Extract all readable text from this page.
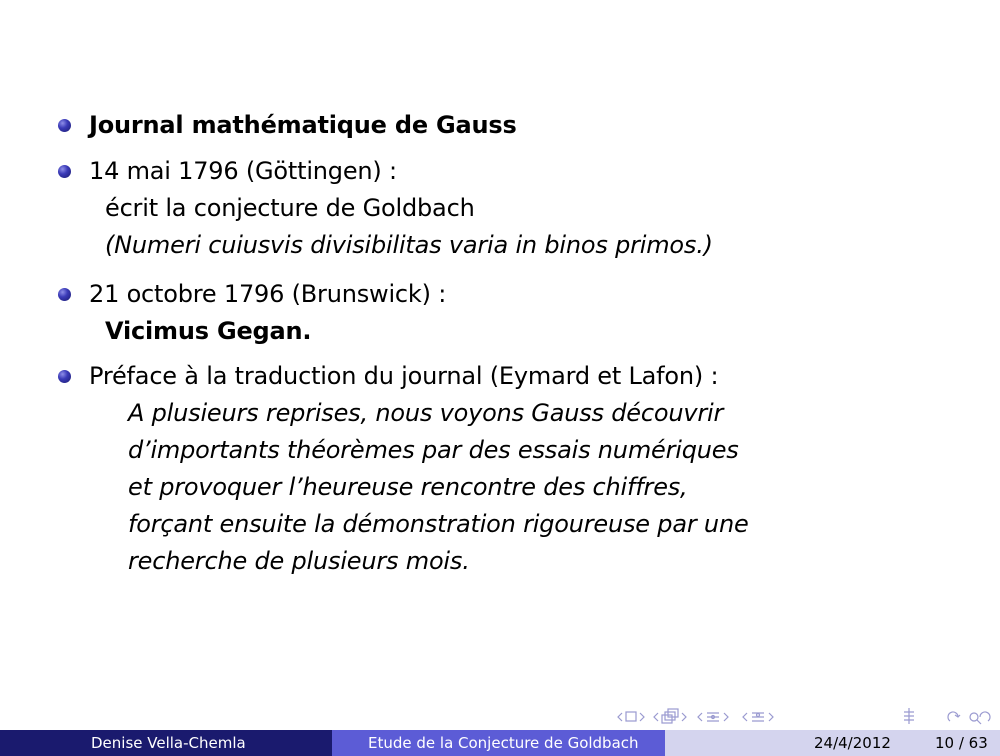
Journal mathématique de Gauss
14 mai 1796 (Göttingen) :
écrit la conjecture de Goldbach
(Numeri cuiusvis divisibilitas varia in binos primos.)
21 octobre 1796 (Brunswick) :
Vicimus Gegan.
Préface à la traduction du journal (Eymard et Lafon) :
A plusieurs reprises, nous voyons Gauss découvrir
d’importants théorèmes par des essais numériques
et provoquer l’heureuse rencontre des chiffres,
forçant ensuite la démonstration rigoureuse par une
recherche de plusieurs mois.
Denise Vella-Chemla	Etude de la Conjecture de Goldbach	24/4/2012	10 / 63
